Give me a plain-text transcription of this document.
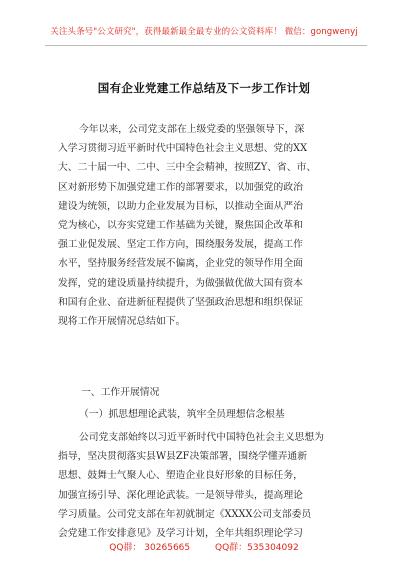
关注头条号"公文研究"，获得最新最全最专业的公文资料库！ 微信：gongwenyj
国有企业党建工作总结及下一步工作计划
今年以来，公司党支部在上级党委的坚强领导下，深
入学习贯彻习近平新时代中国特色社会主义思想、党的XX
大、二十届一中、二中、三中全会精神，按照ZY、省、市、
区对新形势下加强党建工作的部署要求，以加强党的政治
建设为统领，以助力企业发展为目标，以推动全面从严治
党为核心，以夯实党建工作基础为关键，聚焦国企改革和
强工业促发展、坚定工作方向，围绕服务发展，提高工作
水平，坚持服务经营发展不偏离，企业党的领导作用全面
发挥，党的建设质量持续提升，为做强做优做大国有资本
和国有企业、奋进新征程提供了坚强政治思想和组织保证
现将工作开展情况总结如下。
一、工作开展情况
（一）抓思想理论武装，筑牢全员理想信念根基
公司党支部始终以习近平新时代中国特色社会主义思想为
指导，坚决贯彻落实县W县ZF决策部署，围绕学懂弄通新
思想、鼓舞士气聚人心、塑造企业良好形象的目标任务，
加强宣扬引导、深化理论武装。一是领导带头，提高理论
学习质量。公司党支部在年初就制定《XXXX公司支部委员
会党建工作安排意见》及学习计划，全年共组织理论学习
QQ群： 30265665	QQ群：535304092
